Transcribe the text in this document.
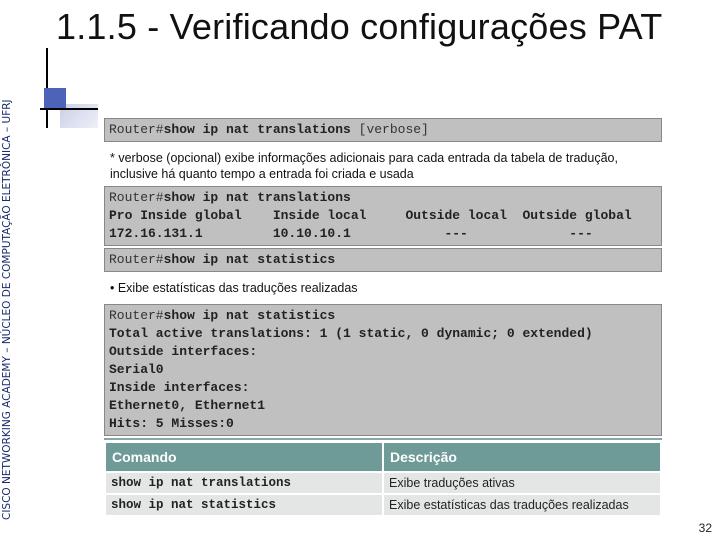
CISCO NETWORKING ACADEMY – NÚCLEO DE COMPUTAÇÃO ELETRÔNICA – UFRJ
1.1.5 - Verificando configurações PAT
Router#show ip nat translations [verbose]
* verbose (opcional) exibe informações adicionais para cada entrada da tabela de tradução,
inclusive há quanto tempo a entrada foi criada e usada
Router#show ip nat translations
Pro Inside global    Inside local     Outside local  Outside global
172.16.131.1         10.10.10.1            ---             ---
Router#show ip nat statistics
• Exibe estatísticas das traduções realizadas
Router#show ip nat statistics
Total active translations: 1 (1 static, 0 dynamic; 0 extended)
Outside interfaces:
Serial0
Inside interfaces:
Ethernet0, Ethernet1
Hits: 5 Misses:0
Comando	Descrição
show ip nat translations	Exibe traduções ativas
show ip nat statistics	Exibe estatísticas das traduções realizadas
32
